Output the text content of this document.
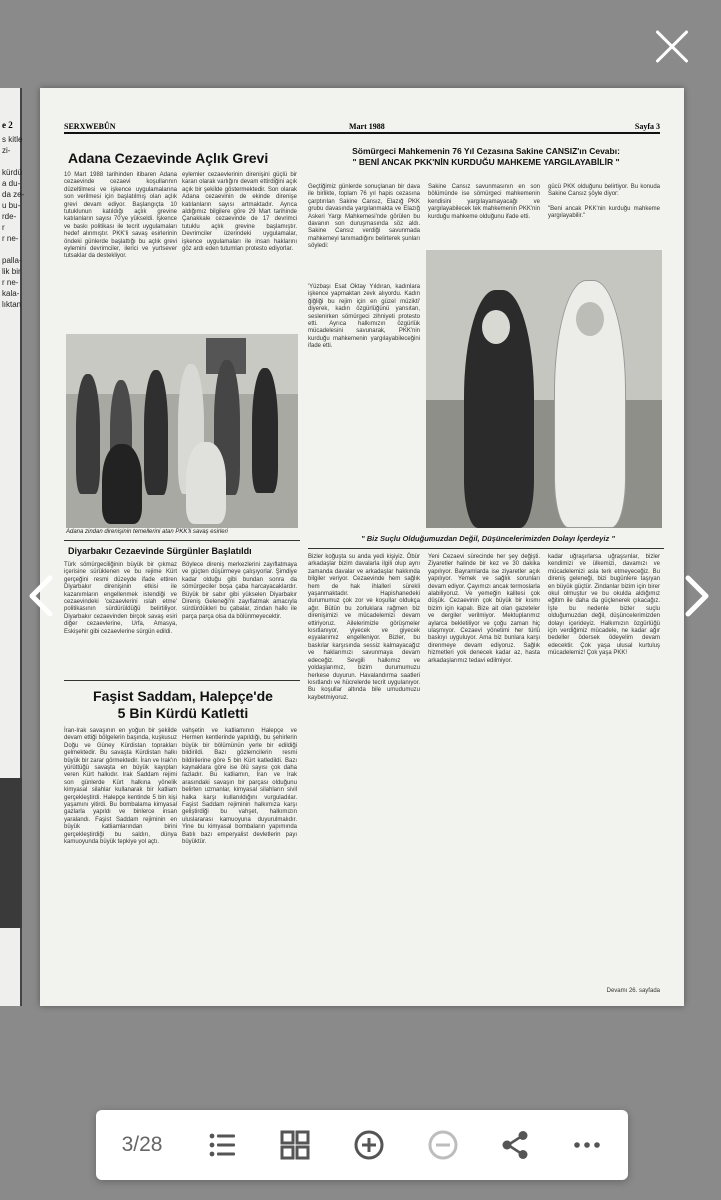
e 2
s kitle
zi-

kürdü
a du-
da ze-
u bu-
rde-
r
r ne-

palla-
lik bir
r ne-
kala-
lıktan
SERXWEBÛN	Mart 1988	Sayfa 3
Adana Cezaevinde Açlık Grevi
10 Mart 1988 tarihinden itibaren Adana cezaevinde cezaevi koşullarının düzeltilmesi ve işkence uygulamalarına son verilmesi için başlatılmış olan açlık grevi devam ediyor. Başlangıçta 10 tutuklunun katıldığı açlık grevine katılanların sayısı 70'ye yükseldi. İşkence ve baskı politikası ile tecrit uygulamaları hedef alınmıştır. PKK'li savaş esirlerinin öndeki günlerde başlattığı bu açlık grevi eylemini devrimciler, ilerici ve yurtsever tutsaklar da destekliyor.
eylemler cezaevlerinin direnişini güçlü bir kararı olarak varlığını devam ettirdiğini açık açık bir şekilde göstermektedir. Son olarak Adana cezaevinin de ekinde direnişe katılanların sayısı artmaktadır. Ayrıca aldığımız bilgilere göre 29 Mart tarihinde Çanakkale cezaevinde de 17 devrimci tutuklu açlık grevine başlamıştır. Devrimciler üzerindeki uygulamalar, işkence uygulamaları ile insan haklarını göz ardı eden tutumları protesto ediyorlar.
Adana zindan direnişinin temellerini atan PKK'li savaş esirleri
Diyarbakır Cezaevinde Sürgünler Başlatıldı
Türk sömürgeciliğinin büyük bir çıkmaz içerisine sürüklenen ve bu rejime Kürt gerçeğini resmi düzeyde ifade ettiren Diyarbakır direnişinin etkisi ile kazanımların engellenmek istendiği ve cezaevindeki 'cezaevlerini ıslah etme' politikasının sürdürüldüğü belirtiliyor. Diyarbakır cezaevinden birçok savaş esiri diğer cezaevlerine, Urfa, Amasya, Eskişehir gibi cezaevlerine sürgün edildi.
Böylece direniş merkezlerini zayıflatmaya ve güçten düşürmeye çalışıyorlar. Şimdiye kadar olduğu gibi bundan sonra da sömürgeciler boşa çaba harcayacaklardır. Büyük bir sabır gibi yükselen Diyarbakır Direniş Geleneği'ni zayıflatmak amacıyla sürdürdükleri bu çabalar, zindan halkı ile parça parça olsa da bölünmeyecektir.
Faşist Saddam, Halepçe'de
5 Bin Kürdü Katletti
İran-Irak savaşının en yoğun bir şekilde devam ettiği bölgelerin başında, kuşkusuz Doğu ve Güney Kürdistan toprakları gelmektedir. Bu savaşta Kürdistan halkı büyük bir zarar görmektedir. İran ve Irak'ın yürüttüğü savaşta en büyük kayıpları veren Kürt halkıdır. Irak Saddam rejimi son günlerde Kürt halkına yönelik kimyasal silahlar kullanarak bir katliam gerçekleştirdi. Halepçe kentinde 5 bin kişi yaşamını yitirdi. Bu bombalama kimyasal gazlarla yapıldı ve binlerce insan yaralandı. Faşist Saddam rejiminin en büyük katliamlarından birini gerçekleştirdiği bu saldırı, dünya kamuoyunda büyük tepkiye yol açtı.
vahşetin ve katliamının Halepçe ve Hermen kentlerinde yapıldığı, bu şehirlerin büyük bir bölümünün yerle bir edildiği bildirildi. Bazı gözlemcilerin resmi bildirilerine göre 5 bin Kürt katledildi. Bazı kaynaklara göre ise ölü sayısı çok daha fazladır. Bu katliamın, İran ve Irak arasındaki savaşın bir parçası olduğunu belirten uzmanlar, kimyasal silahların sivil halka karşı kullanıldığını vurguladılar. Faşist Saddam rejiminin halkımıza karşı geliştirdiği bu vahşet, halkımızın uluslararası kamuoyuna duyurulmalıdır. Yine bu kimyasal bombaların yapımında Batılı bazı emperyalist devletlerin payı büyüktür.
Sömürgeci Mahkemenin 76 Yıl Cezasına Sakine CANSIZ'ın Cevabı:
" BENİ ANCAK PKK'NİN KURDUĞU MAHKEME YARGILAYABİLİR "
Geçtiğimiz günlerde sonuçlanan bir dava ile birlikte, toplam 76 yıl hapis cezasına çarptırılan Sakine Cansız, Elazığ PKK grubu davasında yargılanmakta ve Elazığ Askeri Yargı Mahkemesi'nde görülen bu davanın son duruşmasında söz aldı. Sakine Cansız verdiği savunmada mahkemeyi tanımadığını belirterek şunları söyledi:
'Yüzbaşı Esat Oktay Yıldıran, kadınlara işkence yapmaktan zevk alıyordu. Kadın ğiğliği bu rejim için en güzel müzikti' diyerek, kadın özgürlüğünü yansıtan, seslenirken sömürgeci zihniyeti protesto etti. Ayrıca halkımızın özgürlük mücadelesini savunarak, PKK'nin kurduğu mahkemenin yargılayabileceğini ifade etti.
Sakine Cansız savunmasının en son bölümünde ise sömürgeci mahkemenin kendisini yargılayamayacağı ve yargılayabilecek tek mahkemenin PKK'nin kurduğu mahkeme olduğunu ifade etti.
gücü PKK olduğunu belirtiyor. Bu konuda Sakine Cansız şöyle diyor:
"Beni ancak PKK'nin kurduğu mahkeme yargılayabilir."
" Biz Suçlu Olduğumuzdan Değil, Düşüncelerimizden Dolayı İçerdeyiz "
Bizler koğuşta su anda yedi kişiyiz. Öbür arkadaşlar bizim davalarla ilgili olup aynı zamanda davalar ve arkadaşlar hakkında bilgiler veriyor. Cezaevinde hem sağlık hem de hak ihlalleri sürekli yaşanmaktadır. Hapishanedeki durumumuz çok zor ve koşullar oldukça ağır. Bütün bu zorluklara rağmen biz direnişimizi ve mücadelemizi devam ettiriyoruz. Ailelerimizle görüşmeler kısıtlanıyor, yiyecek ve giyecek eşyalarımız engelleniyor. Bizler, bu baskılar karşısında sessiz kalmayacağız ve haklarımızı savunmaya devam edeceğiz. Sevgili halkımız ve yoldaşlarımız, bizim durumumuzu herkese duyurun. Havalandırma saatleri kısıtlandı ve hücrelerde tecrit uygulanıyor. Bu koşullar altında bile umudumuzu kaybetmiyoruz.
Yeni Cezaevi sürecinde her şey değişti. Ziyaretler halinde bir kez ve 30 dakika yapılıyor. Bayramlarda ise ziyaretler açık yapılıyor. Yemek ve sağlık sorunları devam ediyor. Çayımızı ancak termoslarla alabiliyoruz. Ve yemeğin kalitesi çok düşük. Cezaevinin çok büyük bir kısmı bizim için kapalı. Bize ait olan gazeteler ve dergiler verilmiyor. Mektuplarımız aylarca bekletiliyor ve çoğu zaman hiç ulaşmıyor. Cezaevi yönetimi her türlü baskıyı uyguluyor. Ama biz bunlara karşı direnmeye devam ediyoruz. Sağlık hizmetleri yok denecek kadar az, hasta arkadaşlarımız tedavi edilmiyor.
kadar uğraşırlarsa uğraşsınlar, bizler kendimizi ve ülkemizi, davamızı ve mücadelemizi asla terk etmeyeceğiz. Bu direniş geleneği, bizi bugünlere taşıyan en büyük güçtür. Zindanlar bizim için birer okul olmuştur ve bu okulda aldığımız eğitim ile daha da güçlenerek çıkacağız. İşte bu nedenle bizler suçlu olduğumuzdan değil, düşüncelerimizden dolayı içerideyiz. Halkımızın özgürlüğü için verdiğimiz mücadele, ne kadar ağır bedeller ödersek ödeyelim devam edecektir. Çok yaşa ulusal kurtuluş mücadelemiz! Çok yaşa PKK!
Devamı 26. sayfada
3/28
